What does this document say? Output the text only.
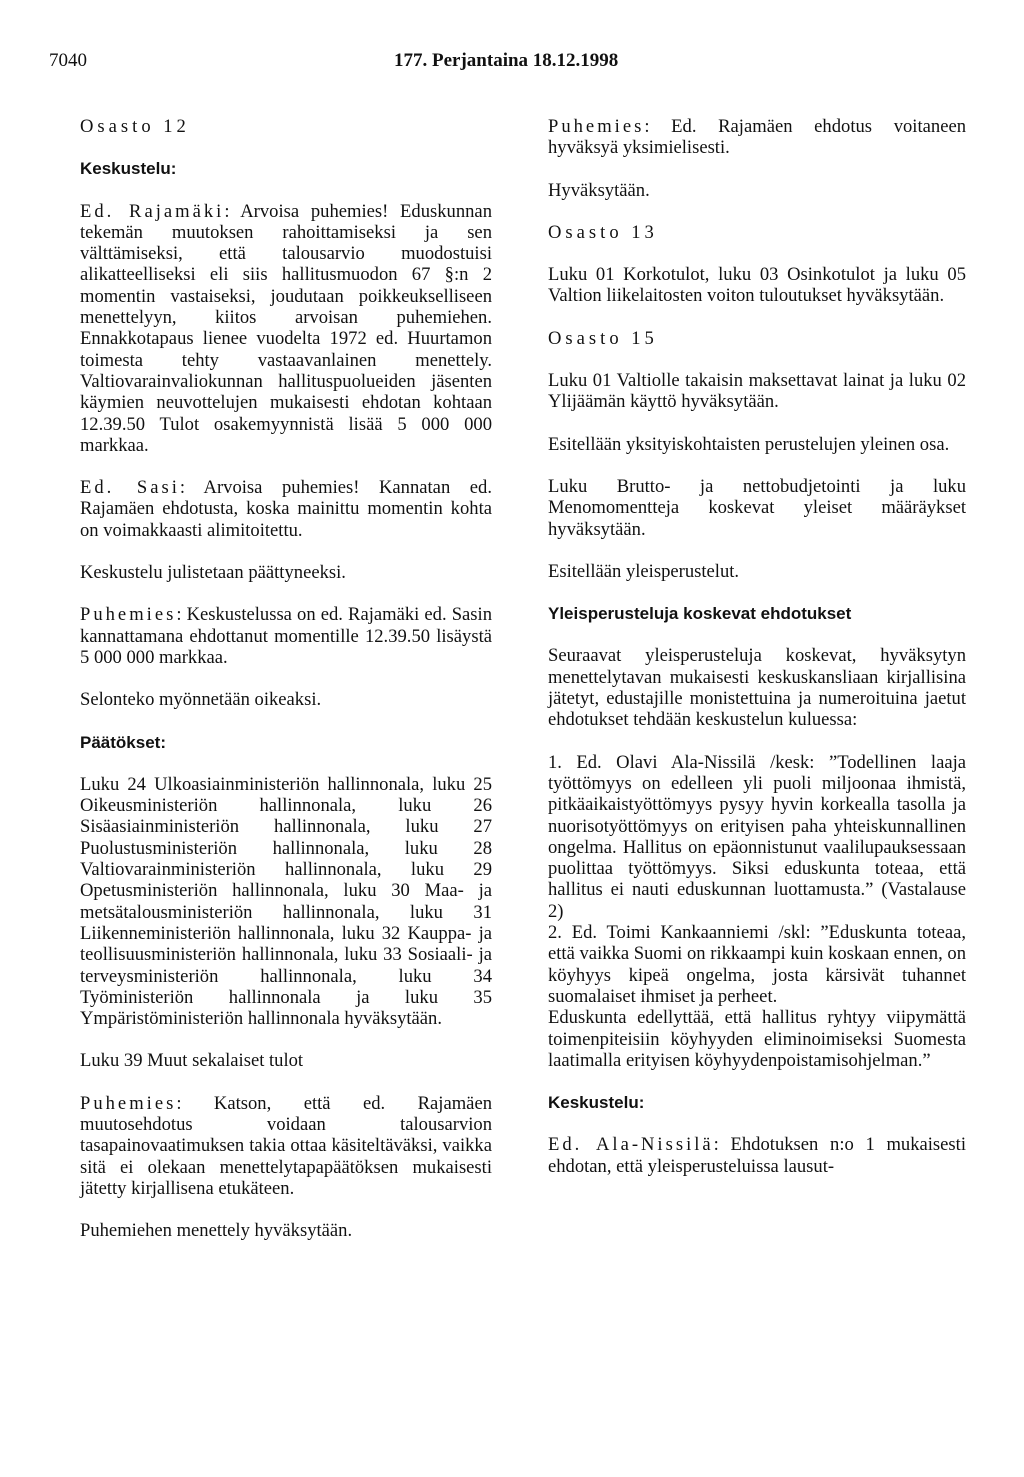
7040	177. Perjantaina 18.12.1998

Osasto 12

Keskustelu:

Ed. Rajamäki: Arvoisa puhemies! Eduskunnan tekemän muutoksen rahoittamiseksi ja sen välttämiseksi, että talousarvio muodostuisi alikatteelliseksi eli siis hallitusmuodon 67 §:n 2 momentin vastaiseksi, joudutaan poikkeukselliseen menettelyyn, kiitos arvoisan puhemiehen. Ennakkotapaus lienee vuodelta 1972 ed. Huurtamon toimesta tehty vastaavanlainen menettely. Valtiovarainvaliokunnan hallituspuolueiden jäsenten käymien neuvottelujen mukaisesti ehdotan kohtaan 12.39.50 Tulot osakemyynnistä lisää 5 000 000 markkaa.

Ed. Sasi: Arvoisa puhemies! Kannatan ed. Rajamäen ehdotusta, koska mainittu momentin kohta on voimakkaasti alimitoitettu.

Keskustelu julistetaan päättyneeksi.

Puhemies: Keskustelussa on ed. Rajamäki ed. Sasin kannattamana ehdottanut momentille 12.39.50 lisäystä 5 000 000 markkaa.

Selonteko myönnetään oikeaksi.

Päätökset:

Luku 24 Ulkoasiainministeriön hallinnonala, luku 25 Oikeusministeriön hallinnonala, luku 26 Sisäasiainministeriön hallinnonala, luku 27 Puolustusministeriön hallinnonala, luku 28 Valtiovarainministeriön hallinnonala, luku 29 Opetusministeriön hallinnonala, luku 30 Maa- ja metsätalousministeriön hallinnonala, luku 31 Liikenneministeriön hallinnonala, luku 32 Kauppa- ja teollisuusministeriön hallinnonala, luku 33 Sosiaali- ja terveysministeriön hallinnonala, luku 34 Työministeriön hallinnonala ja luku 35 Ympäristöministeriön hallinnonala hyväksytään.

Luku 39 Muut sekalaiset tulot

Puhemies: Katson, että ed. Rajamäen muutosehdotus voidaan talousarvion tasapainovaatimuksen takia ottaa käsiteltäväksi, vaikka sitä ei olekaan menettelytapapäätöksen mukaisesti jätetty kirjallisena etukäteen.

Puhemiehen menettely hyväksytään.

Puhemies: Ed. Rajamäen ehdotus voitaneen hyväksyä yksimielisesti.

Hyväksytään.

Osasto 13

Luku 01 Korkotulot, luku 03 Osinkotulot ja luku 05 Valtion liikelaitosten voiton tuloutukset hyväksytään.

Osasto 15

Luku 01 Valtiolle takaisin maksettavat lainat ja luku 02 Ylijäämän käyttö hyväksytään.

Esitellään yksityiskohtaisten perustelujen yleinen osa.

Luku Brutto- ja nettobudjetointi ja luku Menomomentteja koskevat yleiset määräykset hyväksytään.

Esitellään yleisperustelut.

Yleisperusteluja koskevat ehdotukset

Seuraavat yleisperusteluja koskevat, hyväksytyn menettelytavan mukaisesti keskuskansliaan kirjallisina jätetyt, edustajille monistettuina ja numeroituina jaetut ehdotukset tehdään keskustelun kuluessa:

1. Ed. Olavi Ala-Nissilä /kesk: ”Todellinen laaja työttömyys on edelleen yli puoli miljoonaa ihmistä, pitkäaikaistyöttömyys pysyy hyvin korkealla tasolla ja nuorisotyöttömyys on erityisen paha yhteiskunnallinen ongelma. Hallitus on epäonnistunut vaalilupauksessaan puolittaa työttömyys. Siksi eduskunta toteaa, että hallitus ei nauti eduskunnan luottamusta.” (Vastalause 2)

2. Ed. Toimi Kankaanniemi /skl: ”Eduskunta toteaa, että vaikka Suomi on rikkaampi kuin koskaan ennen, on köyhyys kipeä ongelma, josta kärsivät tuhannet suomalaiset ihmiset ja perheet.

Eduskunta edellyttää, että hallitus ryhtyy viipymättä toimenpiteisiin köyhyyden eliminoimiseksi Suomesta laatimalla erityisen köyhyydenpoistamisohjelman.”

Keskustelu:

Ed. Ala-Nissilä: Ehdotuksen n:o 1 mukaisesti ehdotan, että yleisperusteluissa lausut-
